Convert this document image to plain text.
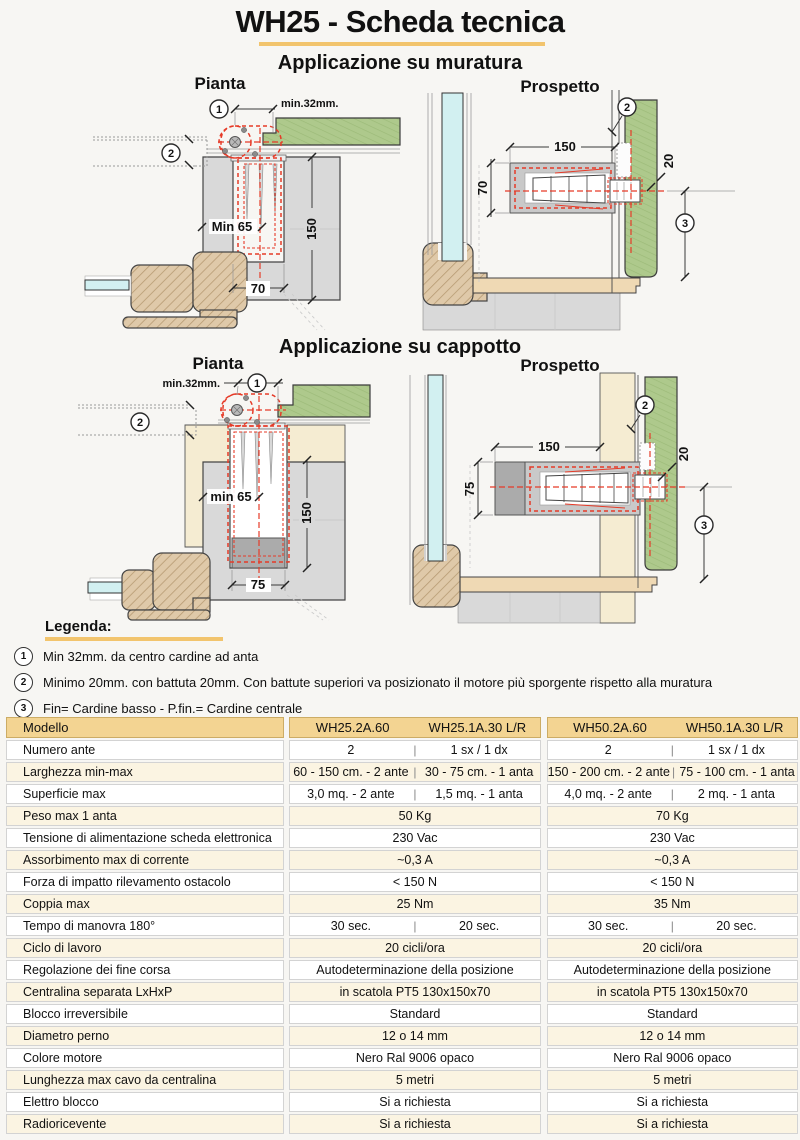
WH25 - Scheda tecnica
Applicazione su muratura
Pianta	Prospetto
min.32mm.
1
2
Min 65	150
70
150
70
20
2
3
Applicazione su cappotto
Pianta	Prospetto
min.32mm.	1
2
min 65
150
75
150
75
20
2
3
Legenda:
1	Min 32mm. da centro cardine ad anta
2	Minimo 20mm. con battuta 20mm. Con battute superiori va posizionato il motore più sporgente rispetto alla muratura
3	Fin= Cardine basso - P.fin.= Cardine centrale
Modello	WH25.2A.60	WH25.1A.30 L/R	WH50.2A.60	WH50.1A.30 L/R
Numero ante	2	|	1 sx / 1 dx	2	|	1 sx / 1 dx
Larghezza min-max	60 - 150 cm. - 2 ante | 30 - 75 cm. - 1 anta	150 - 200 cm. - 2 ante | 75 - 100 cm. - 1 anta
Superficie max	3,0 mq. - 2 ante	|	1,5 mq. - 1 anta	4,0 mq. - 2 ante	|	2 mq. - 1 anta
Peso max 1 anta	50 Kg	70 Kg
Tensione di alimentazione scheda elettronica	230 Vac	230 Vac
Assorbimento max di corrente	~0,3 A	~0,3 A
Forza di impatto rilevamento ostacolo	< 150 N	< 150 N
Coppia max	25 Nm	35 Nm
Tempo di manovra 180°	30 sec.	|	20 sec.	30 sec.	|	20 sec.
Ciclo di lavoro	20 cicli/ora	20 cicli/ora
Regolazione dei fine corsa	Autodeterminazione della posizione	Autodeterminazione della posizione
Centralina separata LxHxP	in scatola PT5 130x150x70	in scatola PT5 130x150x70
Blocco irreversibile	Standard	Standard
Diametro perno	12 o 14 mm	12 o 14 mm
Colore motore	Nero Ral 9006 opaco	Nero Ral 9006 opaco
Lunghezza max cavo da centralina	5 metri	5 metri
Elettro blocco	Si a richiesta	Si a richiesta
Radioricevente	Si a richiesta	Si a richiesta
